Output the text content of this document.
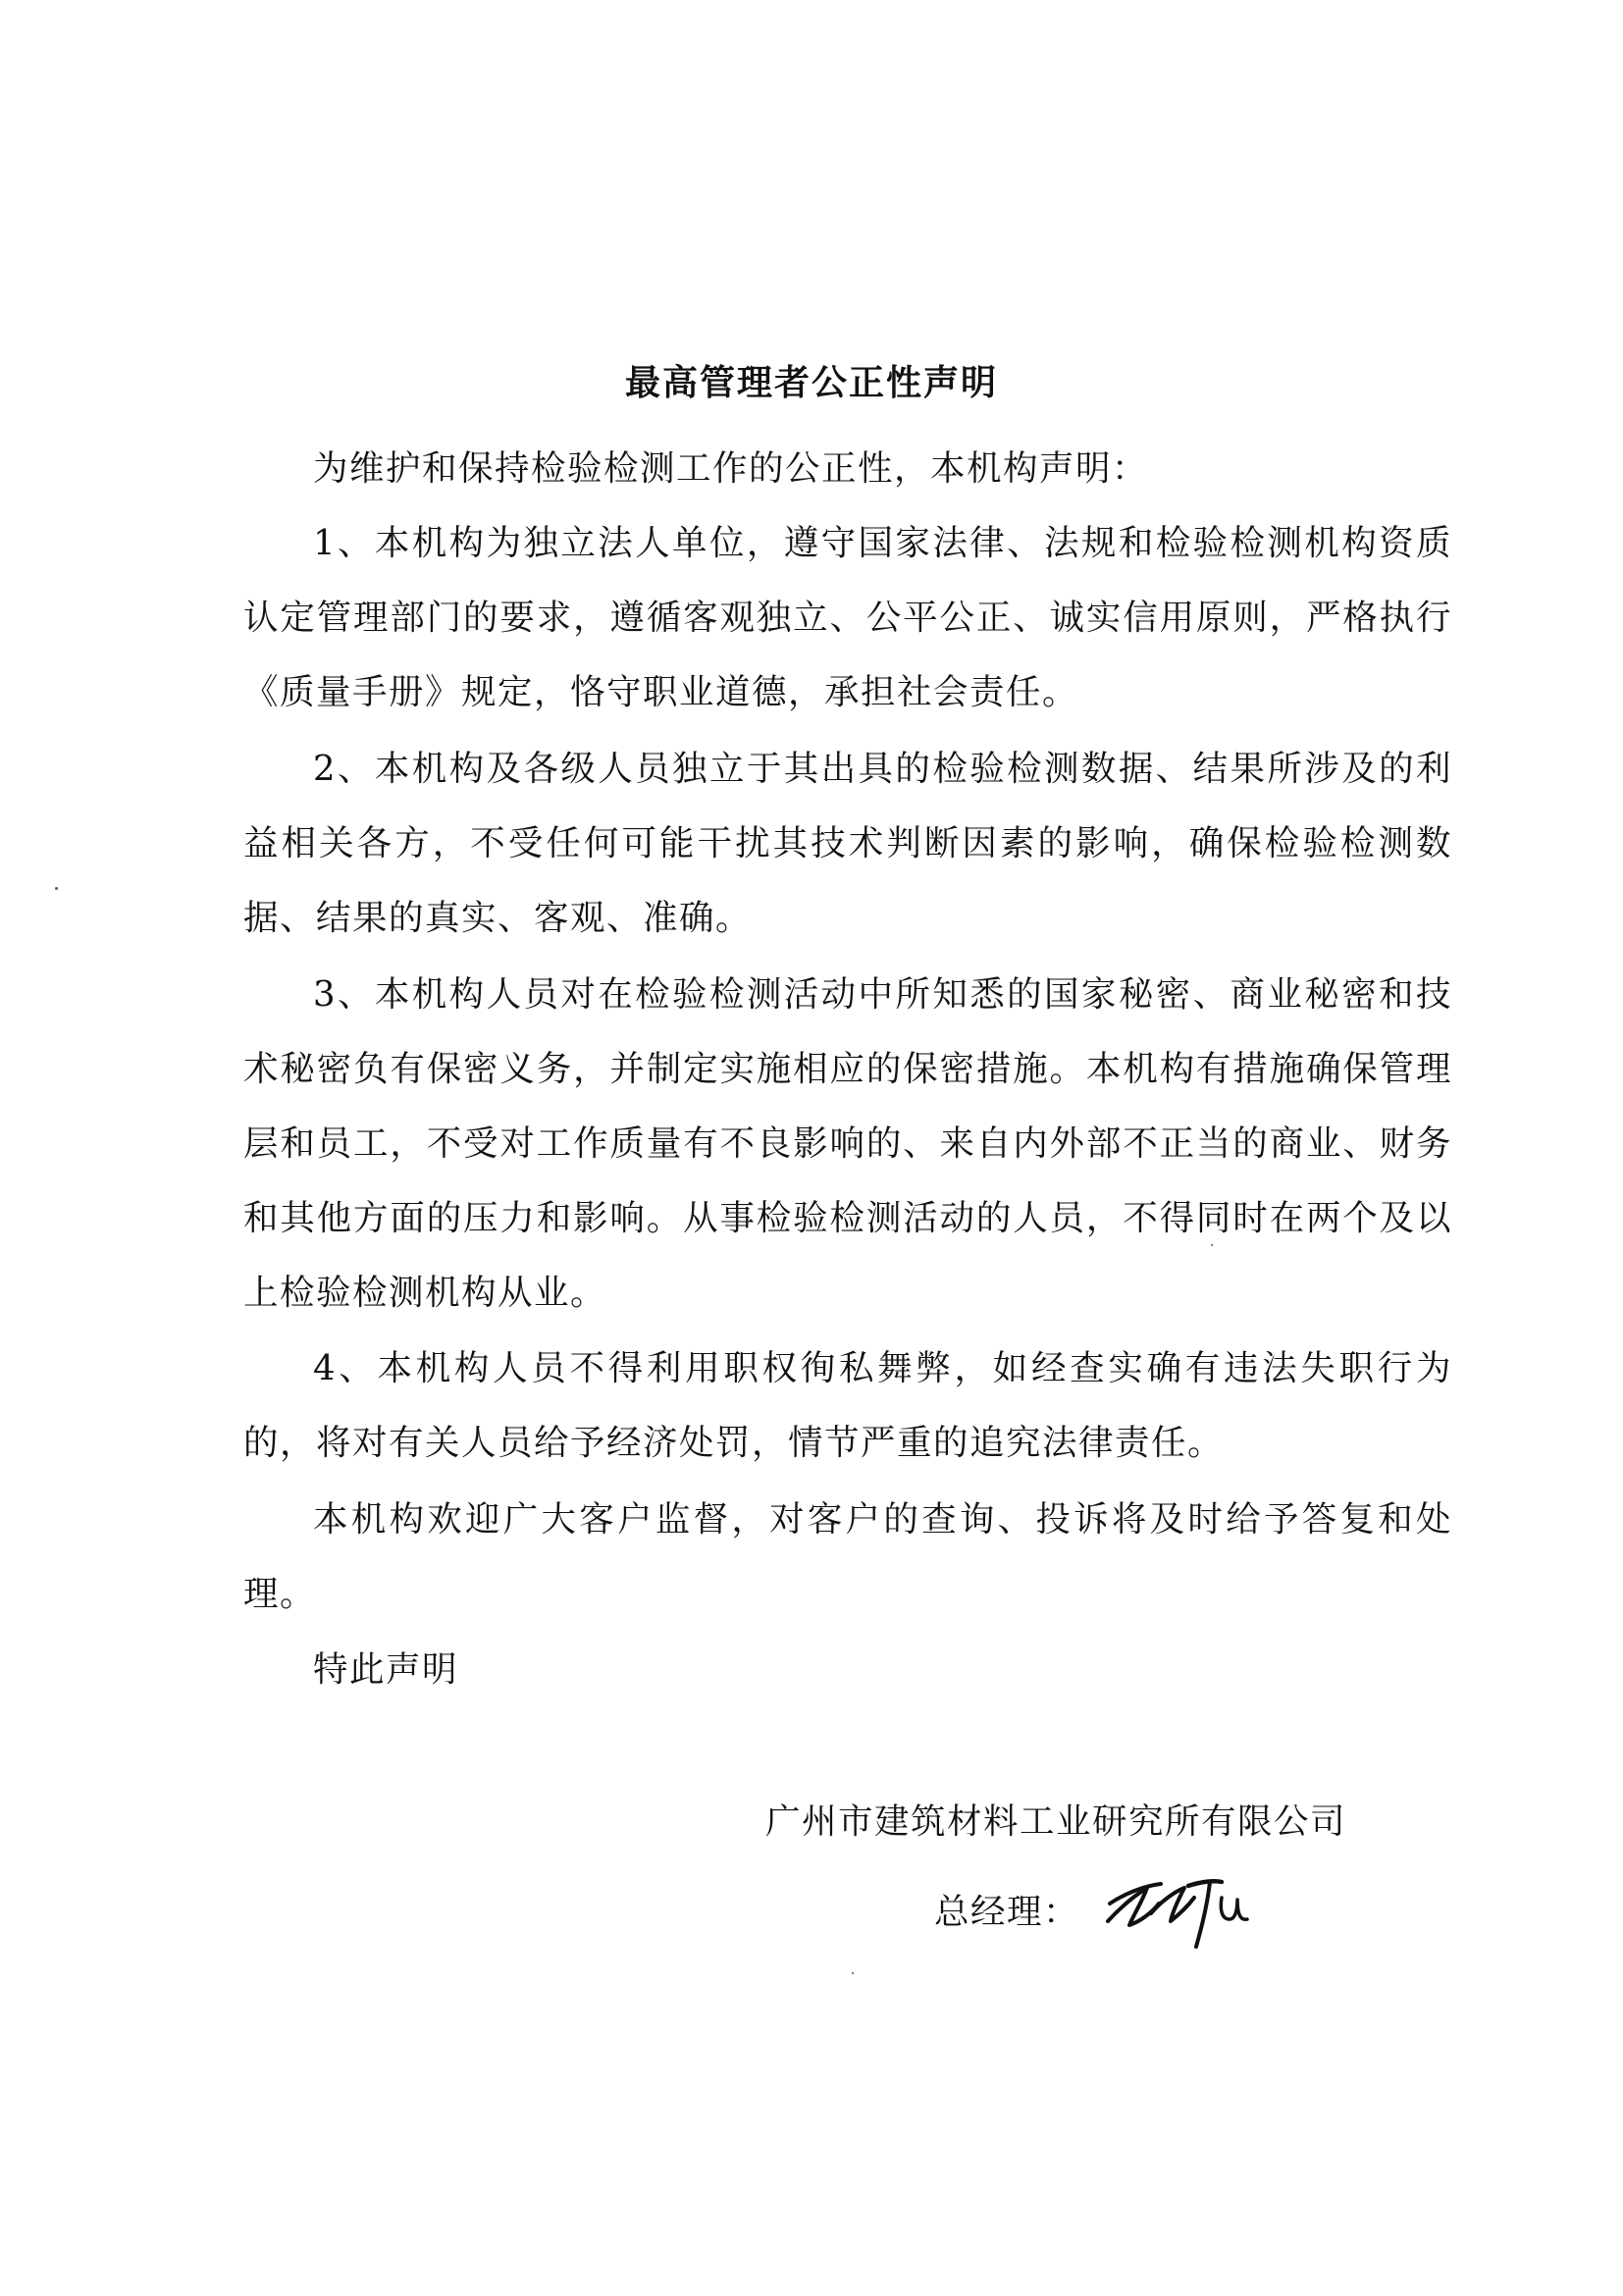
最高管理者公正性声明

为维护和保持检验检测工作的公正性，本机构声明：

1、本机构为独立法人单位，遵守国家法律、法规和检验检测机构资质认定管理部门的要求，遵循客观独立、公平公正、诚实信用原则，严格执行《质量手册》规定，恪守职业道德，承担社会责任。

2、本机构及各级人员独立于其出具的检验检测数据、结果所涉及的利益相关各方，不受任何可能干扰其技术判断因素的影响，确保检验检测数据、结果的真实、客观、准确。

3、本机构人员对在检验检测活动中所知悉的国家秘密、商业秘密和技术秘密负有保密义务，并制定实施相应的保密措施。本机构有措施确保管理层和员工，不受对工作质量有不良影响的、来自内外部不正当的商业、财务和其他方面的压力和影响。从事检验检测活动的人员，不得同时在两个及以上检验检测机构从业。

4、本机构人员不得利用职权徇私舞弊，如经查实确有违法失职行为的，将对有关人员给予经济处罚，情节严重的追究法律责任。

本机构欢迎广大客户监督，对客户的查询、投诉将及时给予答复和处理。

特此声明

广州市建筑材料工业研究所有限公司
总经理：
